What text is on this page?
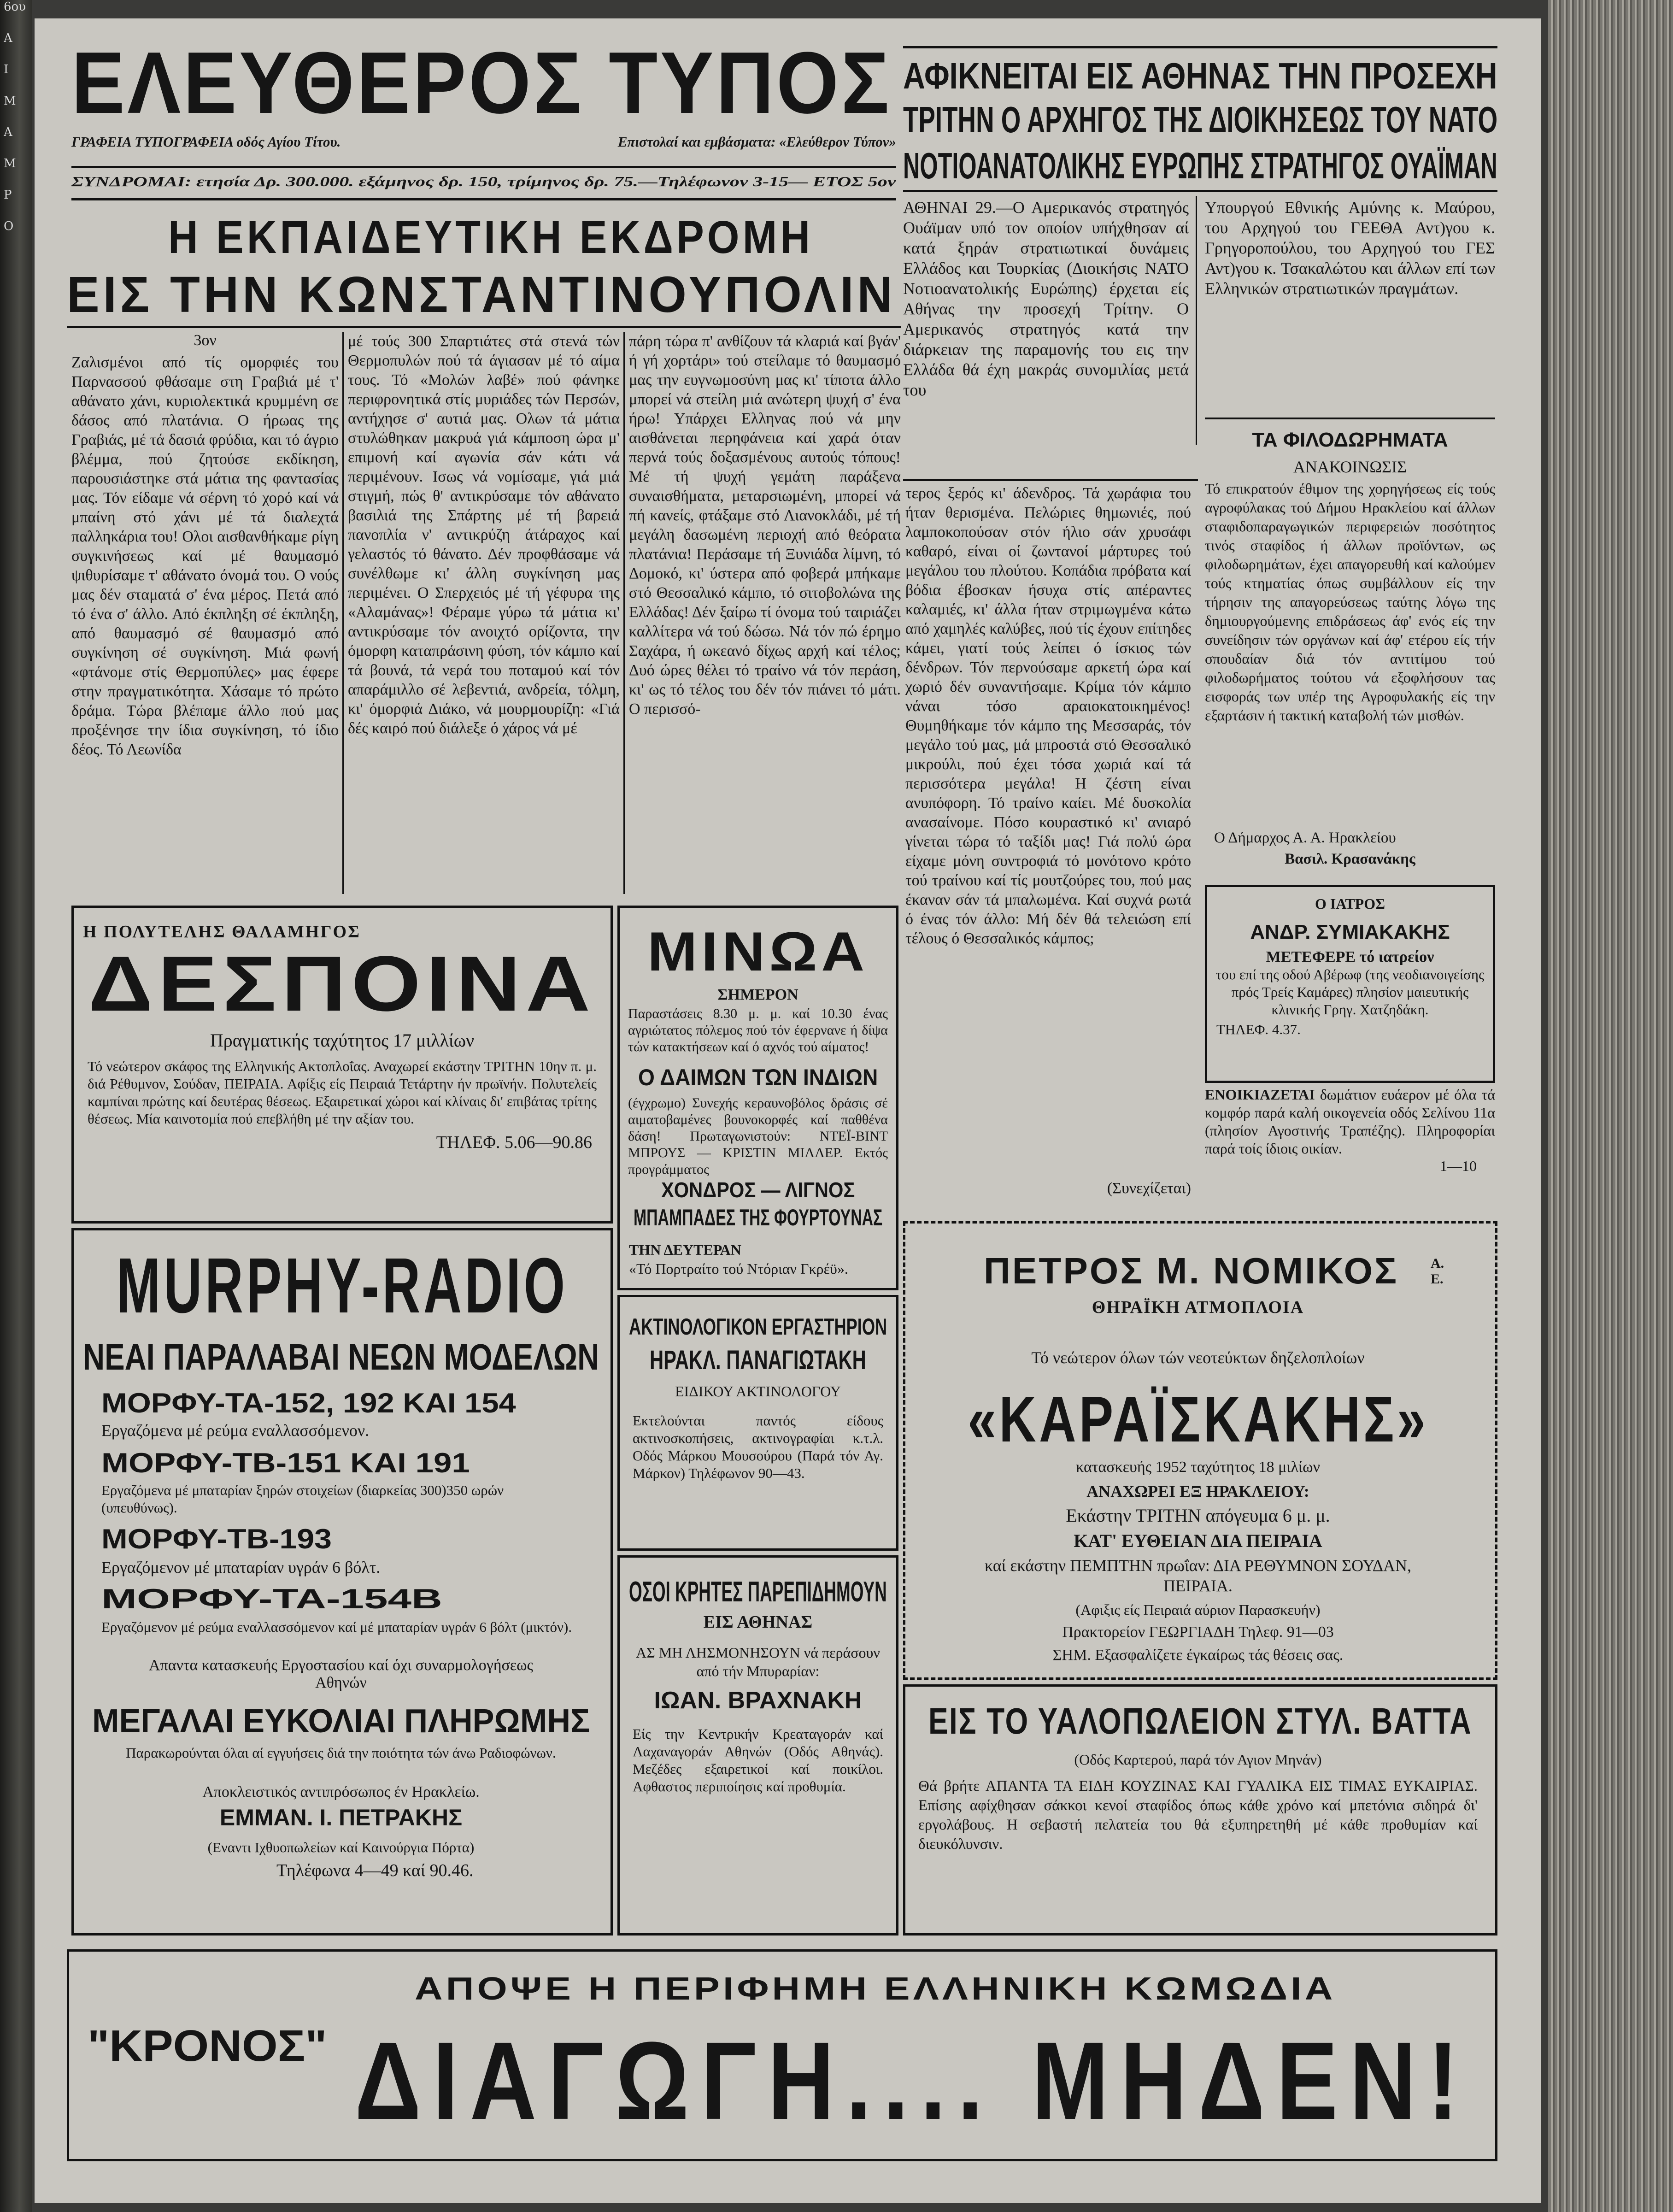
6ου
Α
Ι
Μ
Α
Μ
Ρ
Ο
ΕΛΕΥΘΕΡΟΣ ΤΥΠΟΣ
ΓΡΑΦΕΙΑ ΤΥΠΟΓΡΑΦΕΙΑ οδός Αγίου Τίτου.	Επιστολαί και εμβάσματα: «Ελεύθερον Τύπον»
ΣΥΝΔΡΟΜΑΙ: ετησία Δρ. 300.000. εξάμηνος δρ. 150, τρίμηνος δρ. 75.—Τηλέφωνον 3-15— ΕΤΟΣ 5ον
ΑΦΙΚΝΕΙΤΑΙ ΕΙΣ ΑΘΗΝΑΣ ΤΗΝ ΠΡΟΣΕΧΗ
ΤΡΙΤΗΝ Ο ΑΡΧΗΓΟΣ ΤΗΣ ΔΙΟΙΚΗΣΕΩΣ ΤΟΥ ΝΑΤΟ
ΝΟΤΙΟΑΝΑΤΟΛΙΚΗΣ ΕΥΡΩΠΗΣ ΣΤΡΑΤΗΓΟΣ ΟΥΑΪΜΑΝ
ΑΘΗΝΑΙ 29.—Ο Αμερικανός στρατηγός Ουάϊμαν υπό τον οποίον υπήχθησαν αί κατά ξηράν στρατιωτικαί δυνάμεις Ελλάδος και Τουρκίας (Διοικήσις ΝΑΤΟ Νοτιοανατολικής Ευρώπης) έρχεται είς Αθήνας την προσεχή Τρίτην. Ο Αμερικανός στρατηγός κατά την διάρκειαν της παραμονής του εις την Ελλάδα θά έχη μακράς συνομιλίας μετά του
Υπουργού Εθνικής Αμύνης κ. Μαύρου, του Αρχηγού του ΓΕΕΘΑ Αντ)γου κ. Γρηγοροπούλου, του Αρχηγού του ΓΕΣ Αντ)γου κ. Τσακαλώτου και άλλων επί των Ελληνικών στρατιωτικών πραγμάτων.
ΤΑ ΦΙΛΟΔΩΡΗΜΑΤΑ
ΑΝΑΚΟΙΝΩΣΙΣ
Τό επικρατούν έθιμον της χορηγήσεως είς τούς αγροφύλακας τού Δήμου Ηρακλείου καί άλλων σταφιδοπαραγωγικών περιφερειών ποσότητος τινός σταφίδος ή άλλων προϊόντων, ως φιλοδωρημάτων, έχει απαγορευθή καί καλούμεν τούς κτηματίας όπως συμβάλλουν είς την τήρησιν της απαγορεύσεως ταύτης λόγω της δημιουργούμενης επιδράσεως άφ' ενός είς την συνείδησιν τών οργάνων καί άφ' ετέρου είς τήν σπουδαίαν διά τόν αντιτίμου τού φιλοδωρήματος τούτου νά εξοφλήσουν τας εισφοράς των υπέρ της Αγροφυλακής είς την εξαρτάσιν ή τακτική καταβολή τών μισθών.
Ο Δήμαρχος Α. Α. Ηρακλείου
Βασιλ. Κρασανάκης
Ο ΙΑΤΡΟΣ
ΑΝΔΡ. ΣΥΜΙΑΚΑΚΗΣ
ΜΕΤΕΦΕΡΕ τό ιατρείον
του επί της οδού Αβέρωφ (της νεοδιανοιγείσης πρός Τρείς Καμάρες) πλησίον μαιευτικής κλινικής Γρηγ. Χατζηδάκη.
ΤΗΛΕΦ. 4.37.
ΕΝΟΙΚΙΑΖΕΤΑΙ δωμάτιον ευάερον μέ όλα τά κομφόρ παρά καλή οικογενεία οδός Σελίνου 11α (πλησίον Αγοστινής Τραπέζης). Πληροφορίαι παρά τοίς ίδιοις οικίαν.
1—10
Η ΕΚΠΑΙΔΕΥΤΙΚΗ ΕΚΔΡΟΜΗ
ΕΙΣ ΤΗΝ ΚΩΝΣΤΑΝΤΙΝΟΥΠΟΛΙΝ
3ον
Ζαλισμένοι από τίς ομορφιές του Παρνασσού φθάσαμε στη Γραβιά μέ τ' αθάνατο χάνι, κυριολεκτικά κρυμμένη σε δάσος από πλατάνια. Ο ήρωας της Γραβιάς, μέ τά δασιά φρύδια, και τό άγριο βλέμμα, πού ζητούσε εκδίκηση, παρουσιάστηκε στά μάτια της φαντασίας μας. Τόν είδαμε νά σέρνη τό χορό καί νά μπαίνη στό χάνι μέ τά διαλεχτά παλληκάρια του! Ολοι αισθανθήκαμε ρίγη συγκινήσεως καί μέ θαυμασμό ψιθυρίσαμε τ' αθάνατο όνομά του. Ο νούς μας δέν σταματά σ' ένα μέρος. Πετά από τό ένα σ' άλλο. Από έκπληξη σέ έκπληξη, από θαυμασμό σέ θαυμασμό από συγκίνηση σέ συγκίνηση. Μιά φωνή «φτάνομε στίς Θερμοπύλες» μας έφερε στην πραγματικότητα. Χάσαμε τό πρώτο δράμα. Τώρα βλέπαμε άλλο πού μας προξένησε την ίδια συγκίνηση, τό ίδιο δέος. Τό Λεωνίδα
μέ τούς 300 Σπαρτιάτες στά στενά τών Θερμοπυλών πού τά άγιασαν μέ τό αίμα τους. Τό «Μολών λαβέ» πού φάνηκε περιφρονητικά στίς μυριάδες τών Περσών, αντήχησε σ' αυτιά μας. Ολων τά μάτια στυλώθηκαν μακρυά γιά κάμποση ώρα μ' επιμονή καί αγωνία σάν κάτι νά περιμένουν. Ισως νά νομίσαμε, γιά μιά στιγμή, πώς θ' αντικρύσαμε τόν αθάνατο βασιλιά της Σπάρτης μέ τή βαρειά πανοπλία ν' αντικρύζη άτάραχος καί γελαστός τό θάνατο. Δέν προφθάσαμε νά συνέλθωμε κι' άλλη συγκίνηση μας περιμένει. Ο Σπερχειός μέ τή γέφυρα της «Αλαμάνας»! Φέραμε γύρω τά μάτια κι' αντικρύσαμε τόν ανοιχτό ορίζοντα, την όμορφη καταπράσινη φύση, τόν κάμπο καί τά βουνά, τά νερά του ποταμού καί τόν απαράμιλλο σέ λεβεντιά, ανδρεία, τόλμη, κι' όμορφιά Διάκο, νά μουρμουρίζη: «Γιά δές καιρό πού διάλεξε ό χάρος νά μέ
πάρη τώρα π' ανθίζουν τά κλαριά καί βγάν' ή γή χορτάρι» τού στείλαμε τό θαυμασμό μας την ευγνωμοσύνη μας κι' τίποτα άλλο μπορεί νά στείλη μιά ανώτερη ψυχή σ' ένα ήρω! Υπάρχει Ελληνας πού νά μην αισθάνεται περηφάνεια καί χαρά όταν περνά τούς δοξασμένους αυτούς τόπους! Μέ τή ψυχή γεμάτη παράξενα συναισθήματα, μεταρσιωμένη, μπορεί νά πή κανείς, φτάξαμε στό Λιανοκλάδι, μέ τή μεγάλη δασωμένη περιοχή από θεόρατα πλατάνια! Περάσαμε τή Ξυνιάδα λίμνη, τό Δομοκό, κι' ύστερα από φοβερά μπήκαμε στό Θεσσαλικό κάμπο, τό σιτοβολώνα της Ελλάδας! Δέν ξαίρω τί όνομα τού ταιριάζει καλλίτερα νά τού δώσω. Νά τόν πώ έρημο Σαχάρα, ή ωκεανό δίχως αρχή καί τέλος; Δυό ώρες θέλει τό τραίνο νά τόν περάση, κι' ως τό τέλος του δέν τόν πιάνει τό μάτι. Ο περισσό-
τερος ξερός κι' άδενδρος. Τά χωράφια του ήταν θερισμένα. Πελώριες θημωνιές, πού λαμποκοπούσαν στόν ήλιο σάν χρυσάφι καθαρό, είναι οί ζωντανοί μάρτυρες τού μεγάλου του πλούτου. Κοπάδια πρόβατα καί βόδια έβοσκαν ήσυχα στίς απέραντες καλαμιές, κι' άλλα ήταν στριμωγμένα κάτω από χαμηλές καλύβες, πού τίς έχουν επίτηδες κάμει, γιατί τούς λείπει ό ίσκιος τών δένδρων. Τόν περνούσαμε αρκετή ώρα καί χωριό δέν συναντήσαμε. Κρίμα τόν κάμπο νάναι τόσο αραιοκατοικημένος! Θυμηθήκαμε τόν κάμπο της Μεσσαράς, τόν μεγάλο τού μας, μά μπροστά στό Θεσσαλικό μικρούλι, πού έχει τόσα χωριά καί τά περισσότερα μεγάλα! Η ζέστη είναι ανυπόφορη. Τό τραίνο καίει. Μέ δυσκολία ανασαίνομε. Πόσο κουραστικό κι' ανιαρό γίνεται τώρα τό ταξίδι μας! Γιά πολύ ώρα είχαμε μόνη συντροφιά τό μονότονο κρότο τού τραίνου καί τίς μουτζούρες του, πού μας έκαναν σάν τά μπαλωμένα. Καί συχνά ρωτά ό ένας τόν άλλο: Μή δέν θά τελειώση επί τέλους ό Θεσσαλικός κάμπος;
(Συνεχίζεται)
Η ΠΟΛΥΤΕΛΗΣ ΘΑΛΑΜΗΓΟΣ
ΔΕΣΠΟΙΝΑ
Πραγματικής ταχύτητος 17 μιλλίων
Τό νεώτερον σκάφος της Ελληνικής Ακτοπλοΐας. Αναχωρεί εκάστην ΤΡΙΤΗΝ 10ην π. μ. διά Ρέθυμνον, Σούδαν, ΠΕΙΡΑΙΑ. Αφίξις είς Πειραιά Τετάρτην ήν πρωϊνήν. Πολυτελείς καμπίναι πρώτης καί δευτέρας θέσεως. Εξαιρετικαί χώροι καί κλίναις δι' επιβάτας τρίτης θέσεως. Μία καινοτομία πού επεβλήθη μέ την αξίαν του.
ΤΗΛΕΦ. 5.06—90.86
MURPHY-RADIO
ΝΕΑΙ ΠΑΡΑΛΑΒΑΙ ΝΕΩΝ ΜΟΔΕΛΩΝ
ΜΟΡΦΥ-ΤΑ-152, 192 ΚΑΙ 154
Εργαζόμενα μέ ρεύμα εναλλασσόμενον.
ΜΟΡΦΥ-ΤΒ-151 ΚΑΙ 191
Εργαζόμενα μέ μπαταρίαν ξηρών στοιχείων (διαρκείας 300)350 ωρών (υπευθύνως).
ΜΟΡΦΥ-ΤΒ-193
Εργαζόμενον μέ μπαταρίαν υγράν 6 βόλτ.
ΜΟΡΦΥ-ΤΑ-154Β
Εργαζόμενον μέ ρεύμα εναλλασσόμενον καί μέ μπαταρίαν υγράν 6 βόλτ (μικτόν).
Απαντα κατασκευής Εργοστασίου καί όχι συναρμολογήσεως Αθηνών
ΜΕΓΑΛΑΙ ΕΥΚΟΛΙΑΙ ΠΛΗΡΩΜΗΣ
Παρακωρούνται όλαι αί εγγυήσεις διά την ποιότητα τών άνω Ραδιοφώνων.
Αποκλειστικός αντιπρόσωπος έν Ηρακλείω.
ΕΜΜΑΝ. Ι. ΠΕΤΡΑΚΗΣ
(Εναντι Ιχθυοπωλείων καί Καινούργια Πόρτα)
Τηλέφωνα 4—49 καί 90.46.
ΜΙΝΩΑ
ΣΗΜΕΡΟΝ
Παραστάσεις 8.30 μ. μ. καί 10.30 ένας αγριώτατος πόλεμος πού τόν έφερνανε ή δίψα τών κατακτήσεων καί ό αχνός τού αίματος!
Ο ΔΑΙΜΩΝ ΤΩΝ ΙΝΔΙΩΝ
(έγχρωμο) Συνεχής κεραυνοβόλος δράσις σέ αιματοβαμένες βουνοκορφές καί παθθένα δάση! Πρωταγωνιστούν: ΝΤΕΪ-ΒΙΝΤ ΜΠΡΟΥΣ — ΚΡΙΣΤΙΝ ΜΙΛΛΕΡ. Εκτός προγράμματος
ΧΟΝΔΡΟΣ — ΛΙΓΝΟΣ
ΜΠΑΜΠΑΔΕΣ ΤΗΣ ΦΟΥΡΤΟΥΝΑΣ
ΤΗΝ ΔΕΥΤΕΡΑΝ
«Τό Πορτραίτο τού Ντόριαν Γκρέϋ».
ΑΚΤΙΝΟΛΟΓΙΚΟΝ ΕΡΓΑΣΤΗΡΙΟΝ
ΗΡΑΚΛ. ΠΑΝΑΓΙΩΤΑΚΗ
ΕΙΔΙΚΟΥ ΑΚΤΙΝΟΛΟΓΟΥ
Εκτελούνται παντός είδους ακτινοσκοπήσεις, ακτινογραφίαι κ.τ.λ. Οδός Μάρκου Μουσούρου (Παρά τόν Αγ. Μάρκον) Τηλέφωνον 90—43.
ΟΣΟΙ ΚΡΗΤΕΣ ΠΑΡΕΠΙΔΗΜΟΥΝ
ΕΙΣ ΑΘΗΝΑΣ
ΑΣ ΜΗ ΛΗΣΜΟΝΗΣΟΥΝ νά περάσουν από τήν Μπυραρίαν:
ΙΩΑΝ. ΒΡΑΧΝΑΚΗ
Είς την Κεντρικήν Κρεαταγοράν καί Λαχαναγοράν Αθηνών (Οδός Αθηνάς). Μεζέδες εξαιρετικοί καί ποικίλοι. Αφθαστος περιποίησις καί προθυμία.
ΠΕΤΡΟΣ Μ. ΝΟΜΙΚΟΣ	Α. Ε.
ΘΗΡΑΪΚΗ ΑΤΜΟΠΛΟΙΑ
Τό νεώτερον όλων τών νεοτεύκτων δηζελοπλοίων
«ΚΑΡΑΪΣΚΑΚΗΣ»
κατασκευής 1952 ταχύτητος 18 μιλίων
ΑΝΑΧΩΡΕΙ ΕΞ ΗΡΑΚΛΕΙΟΥ:
Εκάστην ΤΡΙΤΗΝ απόγευμα 6 μ. μ.
ΚΑΤ' ΕΥΘΕΙΑΝ ΔΙΑ ΠΕΙΡΑΙΑ
καί εκάστην ΠΕΜΠΤΗΝ πρωΐαν: ΔΙΑ ΡΕΘΥΜΝΟΝ ΣΟΥΔΑΝ, ΠΕΙΡΑΙΑ.
(Αφιξις είς Πειραιά αύριον Παρασκευήν)
Πρακτορείον ΓΕΩΡΓΙΑΔΗ Τηλεφ. 91—03
ΣΗΜ. Εξασφαλίζετε έγκαίρως τάς θέσεις σας.
ΕΙΣ ΤΟ ΥΑΛΟΠΩΛΕΙΟΝ ΣΤΥΛ. ΒΑΤΤΑ
(Οδός Καρτερού, παρά τόν Αγιον Μηνάν)
Θά βρήτε ΑΠΑΝΤΑ ΤΑ ΕΙΔΗ ΚΟΥΖΙΝΑΣ ΚΑΙ ΓΥΑΛΙΚΑ ΕΙΣ ΤΙΜΑΣ ΕΥΚΑΙΡΙΑΣ. Επίσης αφίχθησαν σάκκοι κενοί σταφίδος όπως κάθε χρόνο καί μπετόνια σιδηρά δι' εργολάβους. Η σεβαστή πελατεία του θά εξυπηρετηθή μέ κάθε προθυμίαν καί διευκόλυνσιν.
ΑΠΟΨΕ Η ΠΕΡΙΦΗΜΗ ΕΛΛΗΝΙΚΗ ΚΩΜΩΔΙΑ
"ΚΡΟΝΟΣ" ΔΙΑΓΩΓΗ.... ΜΗΔΕΝ!
